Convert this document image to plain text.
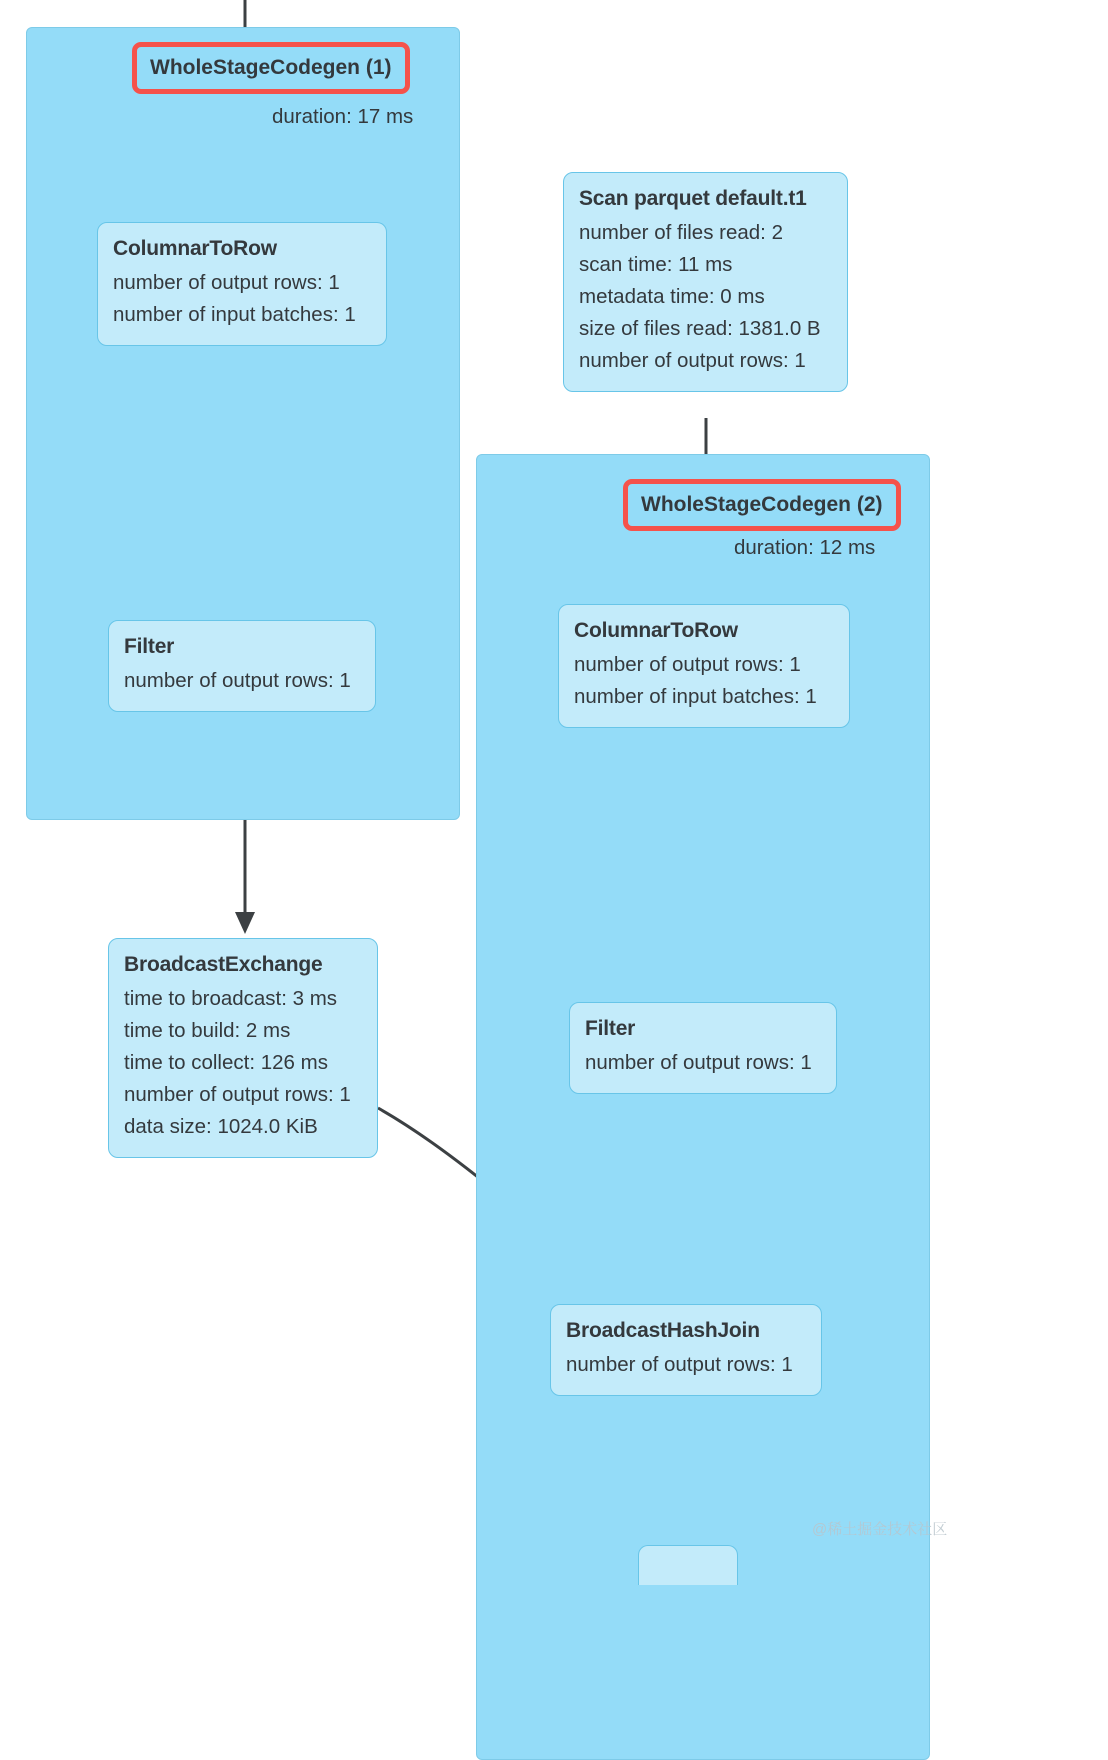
WholeStageCodegen (1)
duration: 17 ms
ColumnarToRow
number of output rows: 1
number of input batches: 1
Filter
number of output rows: 1
BroadcastExchange
time to broadcast: 3 ms
time to build: 2 ms
time to collect: 126 ms
number of output rows: 1
data size: 1024.0 KiB
Scan parquet default.t1
number of files read: 2
scan time: 11 ms
metadata time: 0 ms
size of files read: 1381.0 B
number of output rows: 1
WholeStageCodegen (2)
duration: 12 ms
ColumnarToRow
number of output rows: 1
number of input batches: 1
Filter
number of output rows: 1
BroadcastHashJoin
number of output rows: 1
@稀土掘金技术社区
